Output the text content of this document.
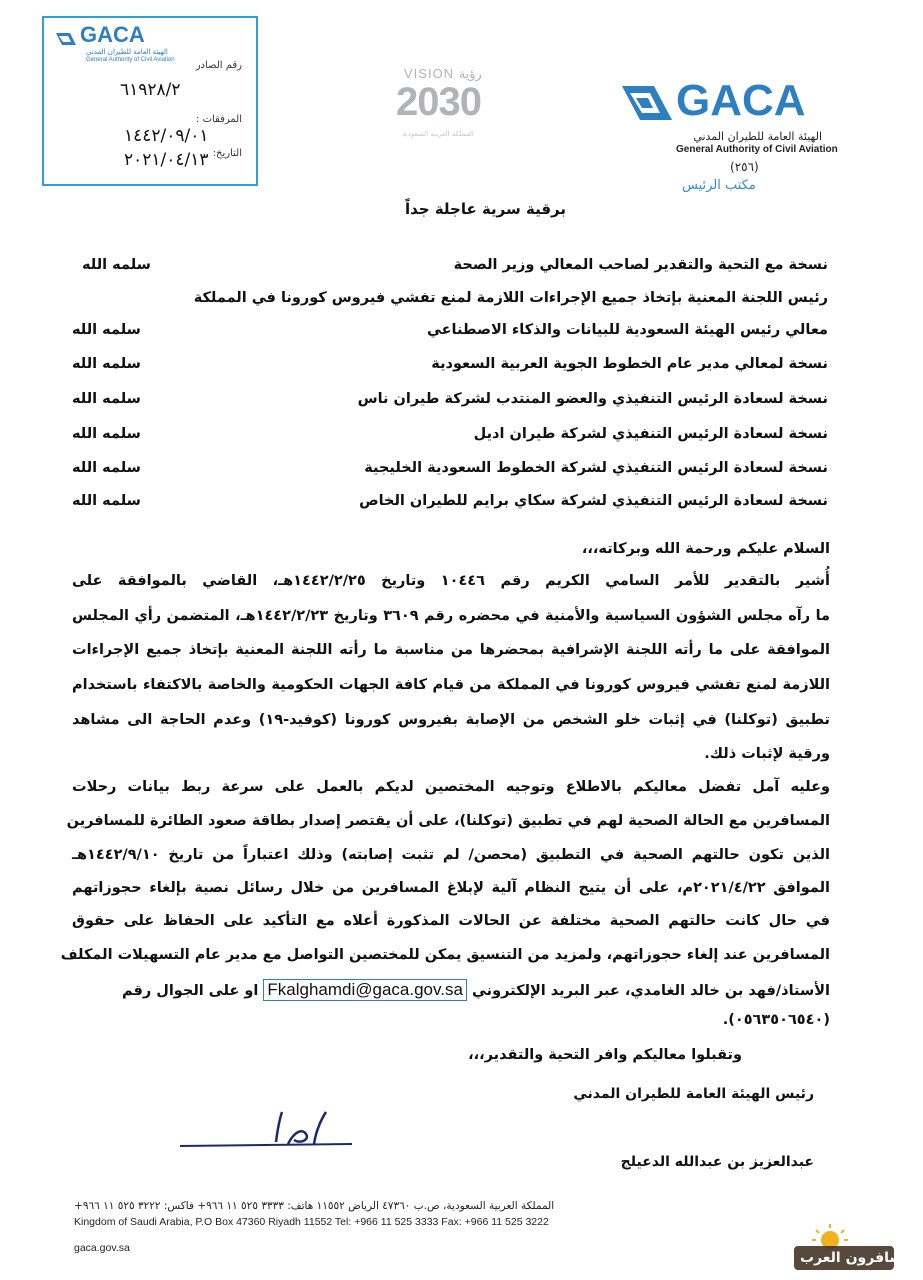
GACA
الهيئة العامة للطيران المدني
General Authority of Civil Aviation رقم الصادر
٦١٩٢٨/٢
المرفقات :
١٤٤٢/٠٩/٠١
التاريخ:
٢٠٢١/٠٤/١٣
VISION رؤية
2030
المملكة العربية السعودية
GACA
الهيئة العامة للطيران المدني
General Authority of Civil Aviation
(٢٥٦)
مكتب الرئيس
برقية سرية عاجلة جداً
نسخة مع التحية والتقدير لصاحب المعالي وزير الصحة
سلمه الله
رئيس اللجنة المعنية بإتخاذ جميع الإجراءات اللازمة لمنع تفشي فيروس كورونا في المملكة
معالي رئيس الهيئة السعودية للبيانات والذكاء الاصطناعي
سلمه الله
نسخة لمعالي مدير عام الخطوط الجوية العربية السعودية
سلمه الله
نسخة لسعادة الرئيس التنفيذي والعضو المنتدب لشركة طيران ناس
سلمه الله
نسخة لسعادة الرئيس التنفيذي لشركة طيران اديل
سلمه الله
نسخة لسعادة الرئيس التنفيذي لشركة الخطوط السعودية الخليجية
سلمه الله
نسخة لسعادة الرئيس التنفيذي لشركة سكاي برايم للطيران الخاص
سلمه الله
السلام عليكم ورحمة الله وبركاته،،،
أُشير بالتقدير للأمر السامي الكريم رقم ١٠٤٤٦ وتاريخ ١٤٤٢/٢/٢٥هـ، القاضي بالموافقة على
ما رآه مجلس الشؤون السياسية والأمنية في محضره رقم ٣٦٠٩ وتاريخ ١٤٤٢/٢/٢٣هـ، المتضمن رأي المجلس
الموافقة على ما رأته اللجنة الإشرافية بمحضرها من مناسبة ما رأته اللجنة المعنية بإتخاذ جميع الإجراءات
اللازمة لمنع تفشي فيروس كورونا في المملكة من قيام كافة الجهات الحكومية والخاصة بالاكتفاء باستخدام
تطبيق (توكلنا) في إثبات خلو الشخص من الإصابة بفيروس كورونا (كوفيد-١٩) وعدم الحاجة الى مشاهد
ورقية لإثبات ذلك.
وعليه آمل تفضل معاليكم بالاطلاع وتوجيه المختصين لديكم بالعمل على سرعة ربط بيانات رحلات
المسافرين مع الحالة الصحية لهم في تطبيق (توكلنا)، على أن يقتصر إصدار بطاقة صعود الطائرة للمسافرين
الذين تكون حالتهم الصحية في التطبيق (محصن/ لم تثبت إصابته) وذلك اعتباراً من تاريخ ١٤٤٢/٩/١٠هـ
الموافق ٢٠٢١/٤/٢٢م، على أن يتيح النظام آلية لإبلاغ المسافرين من خلال رسائل نصية بإلغاء حجوزاتهم
في حال كانت حالتهم الصحية مختلفة عن الحالات المذكورة أعلاه مع التأكيد على الحفاظ على حقوق
المسافرين عند إلغاء حجوزاتهم، ولمزيد من التنسيق يمكن للمختصين التواصل مع مدير عام التسهيلات المكلف
الأستاذ/فهد بن خالد الغامدي، عبر البريد الإلكتروني Fkalghamdi@gaca.gov.sa او على الجوال رقم
(٠٥٦٣٥٠٦٥٤٠).
وتقبلوا معاليكم وافر التحية والتقدير،،،
رئيس الهيئة العامة للطيران المدني
عبدالعزيز بن عبدالله الدعيلج
المملكة العربية السعودية، ص.ب ٤٧٣٦٠ الرياض ١١٥٥٢ هاتف: ٣٣٣٣ ٥٢٥ ١١ ٩٦٦+ فاكس: ٣٢٢٢ ٥٢٥ ١١ ٩٦٦+
Kingdom of Saudi Arabia, P.O Box 47360 Riyadh 11552 Tel: +966 11 525 3333 Fax: +966 11 525 3222
gaca.gov.sa
المسافرون العرب
